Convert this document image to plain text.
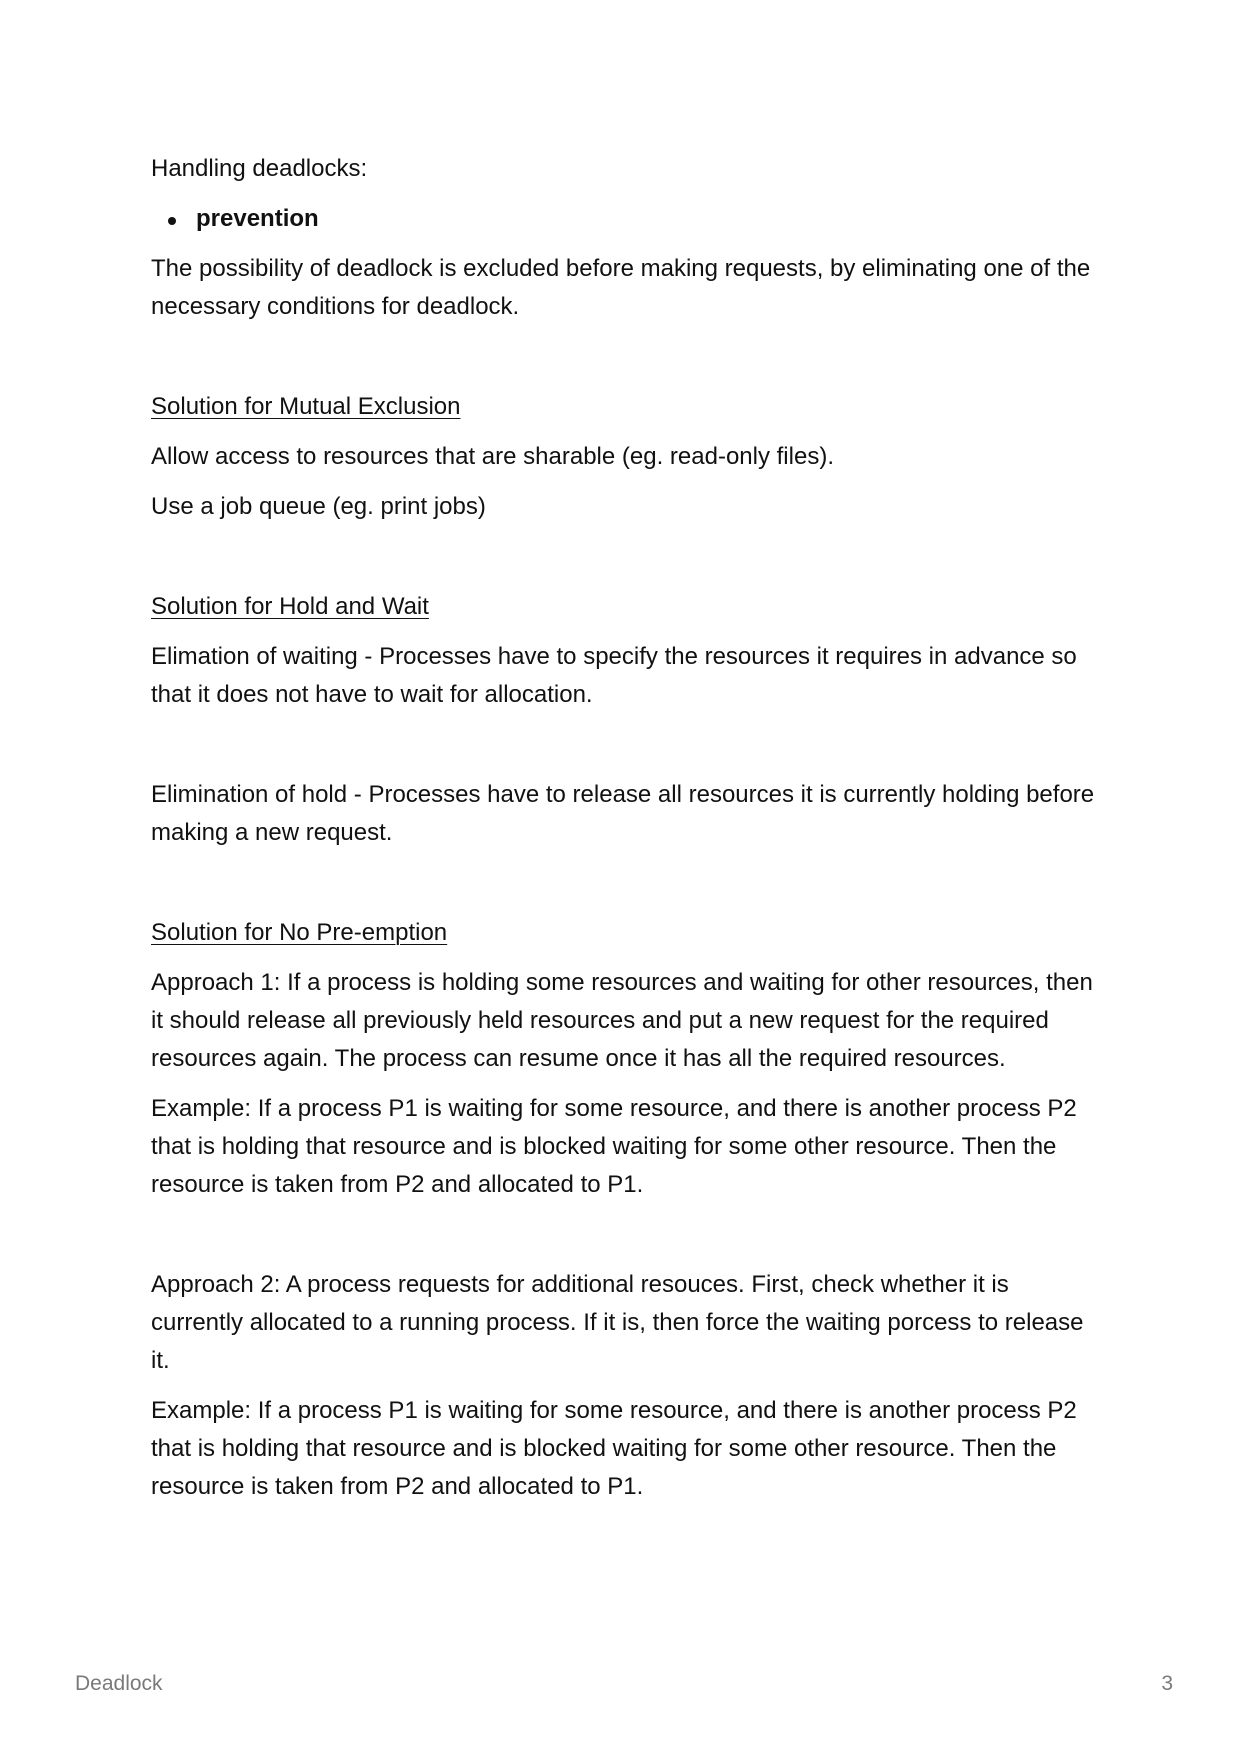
Handling deadlocks:

prevention

The possibility of deadlock is excluded before making requests, by eliminating one of the necessary conditions for deadlock.

Solution for Mutual Exclusion

Allow access to resources that are sharable (eg. read-only files).

Use a job queue (eg. print jobs)

Solution for Hold and Wait

Elimation of waiting - Processes have to specify the resources it requires in advance so that it does not have to wait for allocation.

Elimination of hold - Processes have to release all resources it is currently holding before making a new request.

Solution for No Pre-emption

Approach 1: If a process is holding some resources and waiting for other resources, then it should release all previously held resources and put a new request for the required resources again. The process can resume once it has all the required resources.

Example: If a process P1 is waiting for some resource, and there is another process P2 that is holding that resource and is blocked waiting for some other resource. Then the resource is taken from P2 and allocated to P1.

Approach 2: A process requests for additional resouces. First, check whether it is currently allocated to a running process. If it is, then force the waiting porcess to release it.

Example: If a process P1 is waiting for some resource, and there is another process P2 that is holding that resource and is blocked waiting for some other resource. Then the resource is taken from P2 and allocated to P1.

Deadlock	3
